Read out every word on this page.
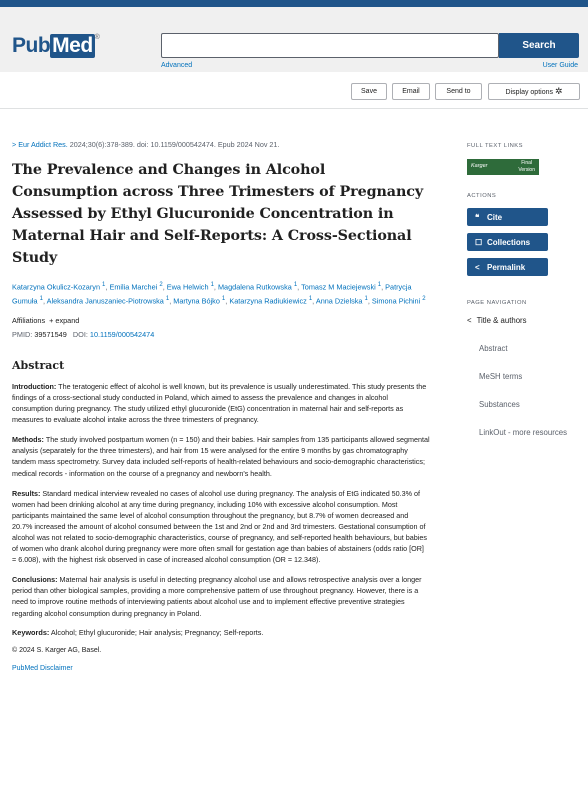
PubMed ®
Search
Advanced	User Guide
Save	Email	Send to	Display options ✲
> Eur Addict Res. 2024;30(6):378-389. doi: 10.1159/000542474. Epub 2024 Nov 21.
The Prevalence and Changes in Alcohol Consumption across Three Trimesters of Pregnancy Assessed by Ethyl Glucuronide Concentration in Maternal Hair and Self-Reports: A Cross-Sectional Study
Katarzyna Okulicz-Kozaryn $^1$, Emilia Marchei $^2$, Ewa Helwich $^1$, Magdalena Rutkowska $^1$, Tomasz M Maciejewski $^1$, Patrycja Gumuła $^1$, Aleksandra Januszaniec-Piotrowska $^1$, Martyna Bójko $^1$, Katarzyna Radiukiewicz $^1$, Anna Dzielska $^1$, Simona Pichini $^2$
Affiliations + expand
PMID: 39571549 DOI: 10.1159/000542474
Abstract
Introduction: The teratogenic effect of alcohol is well known, but its prevalence is usually underestimated. This study presents the findings of a cross-sectional study conducted in Poland, which aimed to assess the prevalence and changes in alcohol consumption during pregnancy. The study utilized ethyl glucuronide (EtG) concentration in maternal hair and self-reports as measures to evaluate alcohol intake across the three trimesters of pregnancy.
Methods: The study involved postpartum women (n = 150) and their babies. Hair samples from 135 participants allowed segmental analysis (separately for the three trimesters), and hair from 15 were analysed for the entire 9 months by gas chromatography tandem mass spectrometry. Survey data included self-reports of health-related behaviours and socio-demographic characteristics; medical records - information on the course of a pregnancy and newborn's health.
Results: Standard medical interview revealed no cases of alcohol use during pregnancy. The analysis of EtG indicated 50.3% of women had been drinking alcohol at any time during pregnancy, including 10% with excessive alcohol consumption. Most participants maintained the same level of alcohol consumption throughout the pregnancy, but 8.7% of women decreased and 20.7% increased the amount of alcohol consumed between the 1st and 2nd or 2nd and 3rd trimesters. Gestational consumption of alcohol was not related to socio-demographic characteristics, course of pregnancy, and self-reported health behaviours, but babies of women who drank alcohol during pregnancy were more often small for gestation age than babies of abstainers (odds ratio [OR] = 6.008), with the highest risk observed in case of increased alcohol consumption (OR = 12.348).
Conclusions: Maternal hair analysis is useful in detecting pregnancy alcohol use and allows retrospective analysis over a longer period than other biological samples, providing a more comprehensive pattern of use throughout pregnancy. However, there is a need to improve routine methods of interviewing patients about alcohol use and to implement effective preventive strategies regarding alcohol consumption during pregnancy in Poland.
Keywords: Alcohol; Ethyl glucuronide; Hair analysis; Pregnancy; Self-reports.
© 2024 S. Karger AG, Basel.
PubMed Disclaimer
FULL TEXT LINKS
Karger	Final
Version
ACTIONS
❝ Cite
☐ Collections
< Permalink
PAGE NAVIGATION
< Title & authors
Abstract
MeSH terms
Substances
LinkOut - more resources
